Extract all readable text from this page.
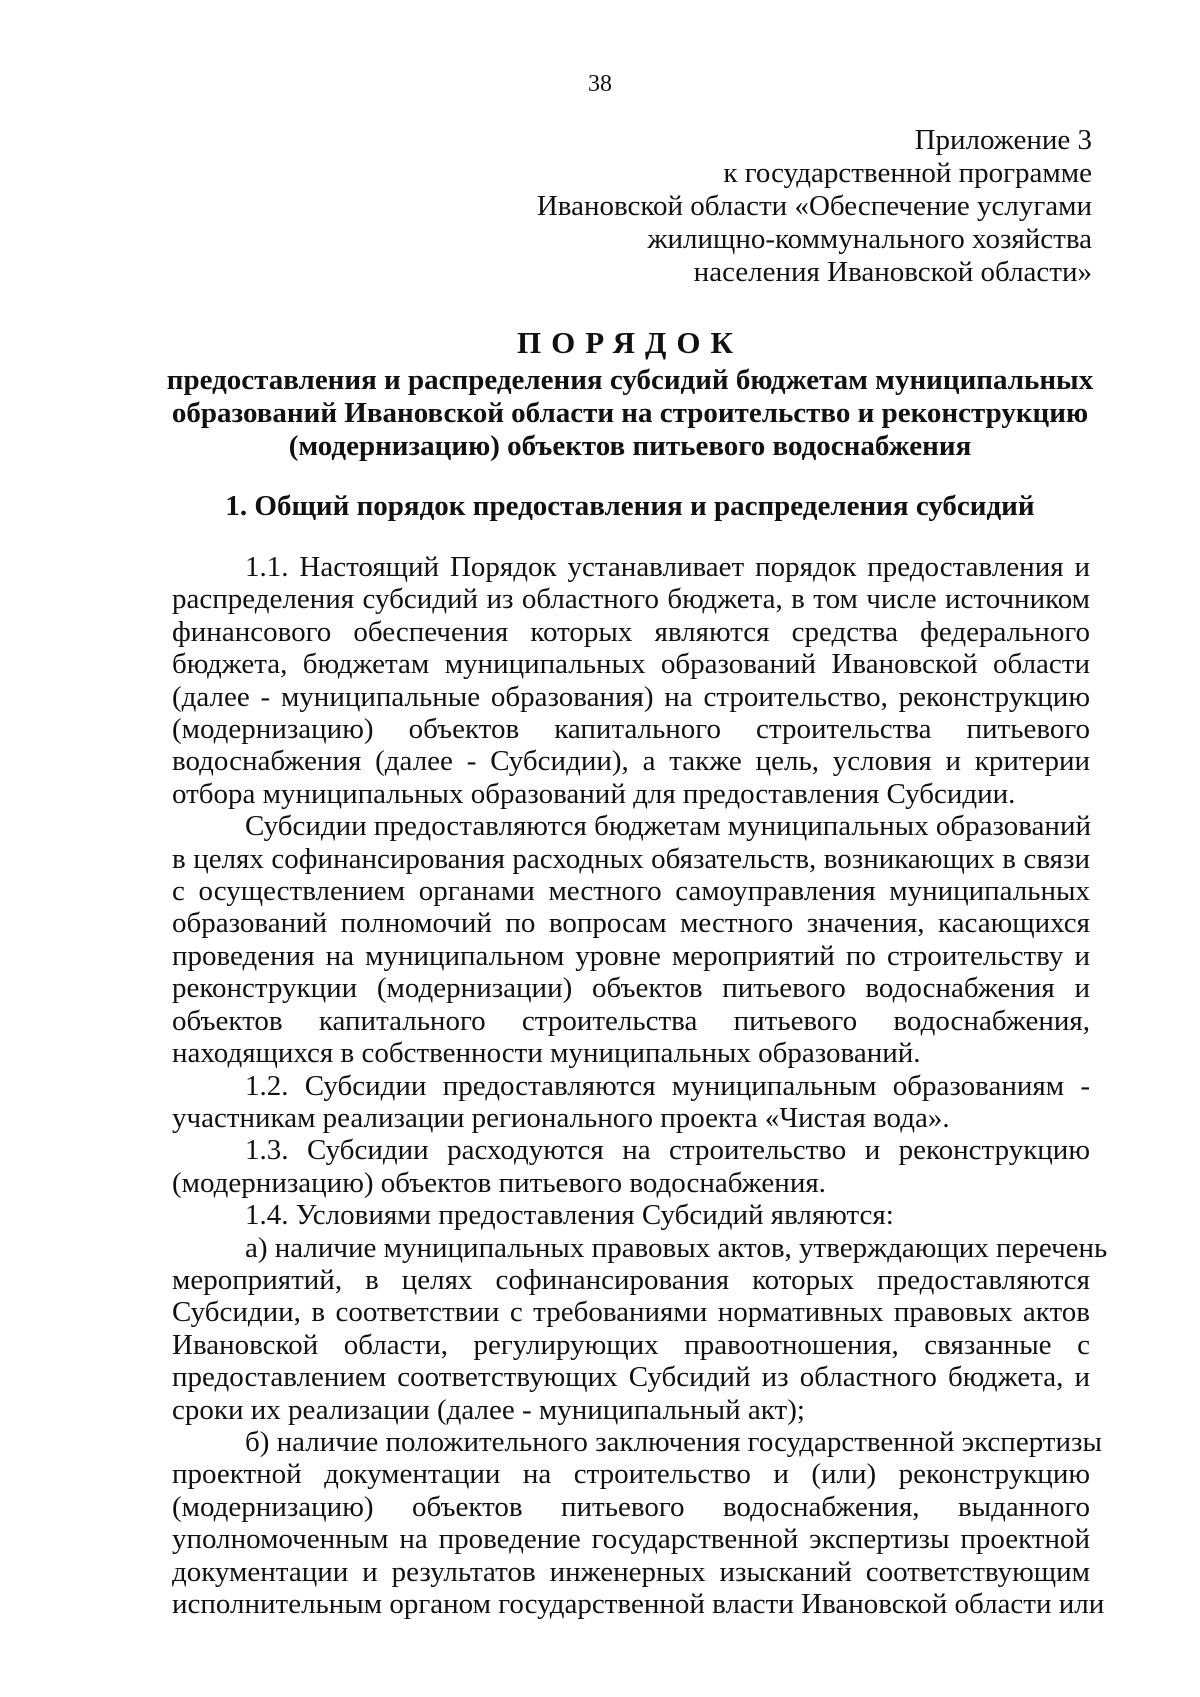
38
Приложение 3
к государственной программе
Ивановской области «Обеспечение услугами
жилищно-коммунального хозяйства
населения Ивановской области»
ПОРЯДОК
предоставления и распределения субсидий бюджетам муниципальных
образований Ивановской области на строительство и реконструкцию
(модернизацию) объектов питьевого водоснабжения
1. Общий порядок предоставления и распределения субсидий
1.1. Настоящий Порядок устанавливает порядок предоставления и
распределения субсидий из областного бюджета, в том числе источником
финансового обеспечения которых являются средства федерального
бюджета, бюджетам муниципальных образований Ивановской области
(далее - муниципальные образования) на строительство, реконструкцию
(модернизацию) объектов капитального строительства питьевого
водоснабжения (далее - Субсидии), а также цель, условия и критерии
отбора муниципальных образований для предоставления Субсидии.
Субсидии предоставляются бюджетам муниципальных образований
в целях софинансирования расходных обязательств, возникающих в связи
с осуществлением органами местного самоуправления муниципальных
образований полномочий по вопросам местного значения, касающихся
проведения на муниципальном уровне мероприятий по строительству и
реконструкции (модернизации) объектов питьевого водоснабжения и
объектов капитального строительства питьевого водоснабжения,
находящихся в собственности муниципальных образований.
1.2. Субсидии предоставляются муниципальным образованиям -
участникам реализации регионального проекта «Чистая вода».
1.3. Субсидии расходуются на строительство и реконструкцию
(модернизацию) объектов питьевого водоснабжения.
1.4. Условиями предоставления Субсидий являются:
а) наличие муниципальных правовых актов, утверждающих перечень
мероприятий, в целях софинансирования которых предоставляются
Субсидии, в соответствии с требованиями нормативных правовых актов
Ивановской области, регулирующих правоотношения, связанные с
предоставлением соответствующих Субсидий из областного бюджета, и
сроки их реализации (далее - муниципальный акт);
б) наличие положительного заключения государственной экспертизы
проектной документации на строительство и (или) реконструкцию
(модернизацию) объектов питьевого водоснабжения, выданного
уполномоченным на проведение государственной экспертизы проектной
документации и результатов инженерных изысканий соответствующим
исполнительным органом государственной власти Ивановской области или
